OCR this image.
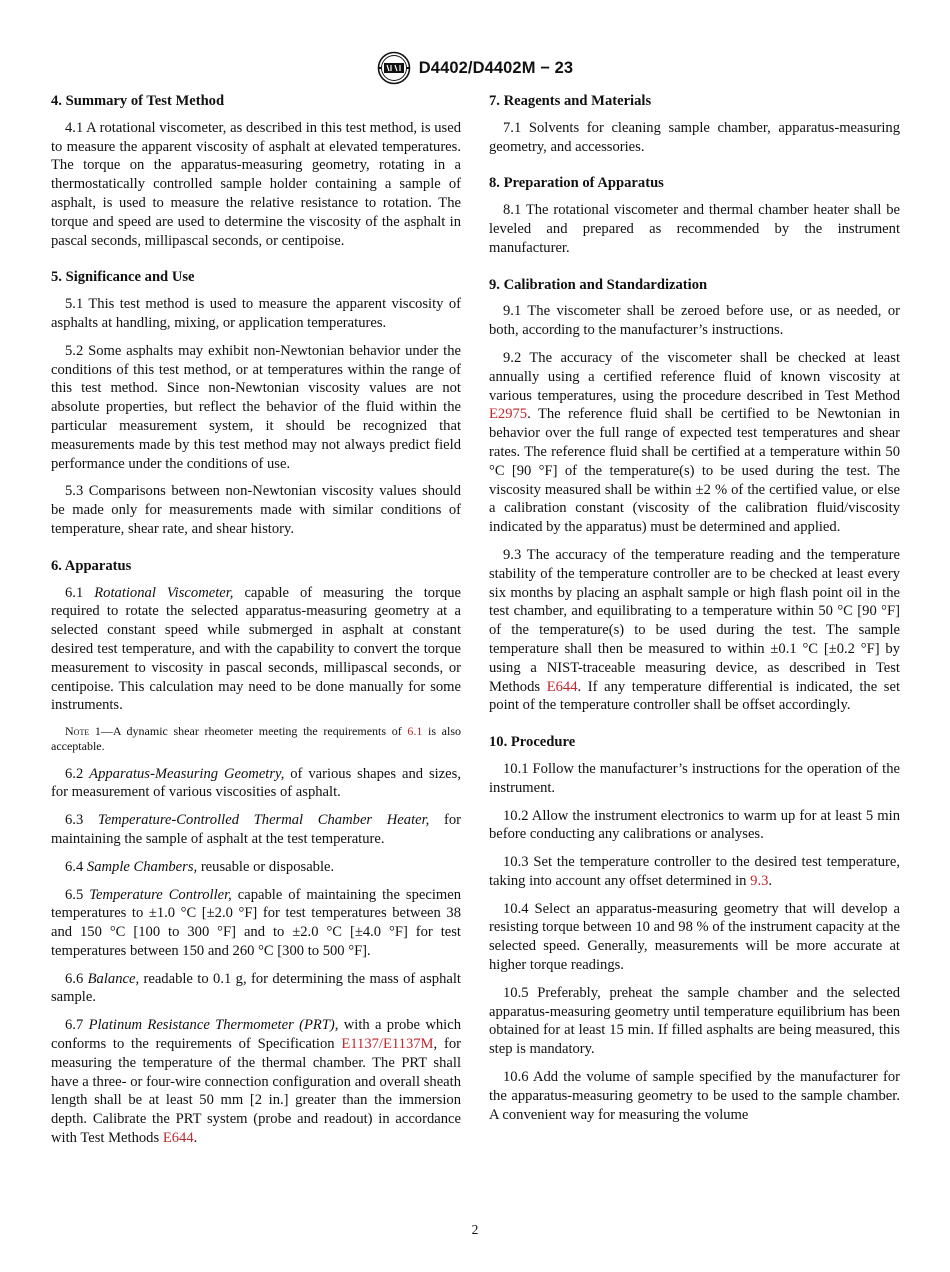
D4402/D4402M − 23
4. Summary of Test Method

4.1 A rotational viscometer, as described in this test method, is used to measure the apparent viscosity of asphalt at elevated temperatures. The torque on the apparatus-measuring geometry, rotating in a thermostatically controlled sample holder containing a sample of asphalt, is used to measure the relative resistance to rotation. The torque and speed are used to determine the viscosity of the asphalt in pascal seconds, millipascal seconds, or centipoise.

5. Significance and Use

5.1 This test method is used to measure the apparent viscosity of asphalts at handling, mixing, or application temperatures.

5.2 Some asphalts may exhibit non-Newtonian behavior under the conditions of this test method, or at temperatures within the range of this test method. Since non-Newtonian viscosity values are not absolute properties, but reflect the behavior of the fluid within the particular measurement system, it should be recognized that measurements made by this test method may not always predict field performance under the conditions of use.

5.3 Comparisons between non-Newtonian viscosity values should be made only for measurements made with similar conditions of temperature, shear rate, and shear history.

6. Apparatus

6.1 Rotational Viscometer, capable of measuring the torque required to rotate the selected apparatus-measuring geometry at a selected constant speed while submerged in asphalt at constant desired test temperature, and with the capability to convert the torque measurement to viscosity in pascal seconds, millipascal seconds, or centipoise. This calculation may need to be done manually for some instruments.

Note 1—A dynamic shear rheometer meeting the requirements of 6.1 is also acceptable.

6.2 Apparatus-Measuring Geometry, of various shapes and sizes, for measurement of various viscosities of asphalt.

6.3 Temperature-Controlled Thermal Chamber Heater, for maintaining the sample of asphalt at the test temperature.

6.4 Sample Chambers, reusable or disposable.

6.5 Temperature Controller, capable of maintaining the specimen temperatures to ±1.0 °C [±2.0 °F] for test temperatures between 38 and 150 °C [100 to 300 °F] and to ±2.0 °C [±4.0 °F] for test temperatures between 150 and 260 °C [300 to 500 °F].

6.6 Balance, readable to 0.1 g, for determining the mass of asphalt sample.

6.7 Platinum Resistance Thermometer (PRT), with a probe which conforms to the requirements of Specification E1137/E1137M, for measuring the temperature of the thermal chamber. The PRT shall have a three- or four-wire connection configuration and overall sheath length shall be at least 50 mm [2 in.] greater than the immersion depth. Calibrate the PRT system (probe and readout) in accordance with Test Methods E644.

7. Reagents and Materials

7.1 Solvents for cleaning sample chamber, apparatus-measuring geometry, and accessories.

8. Preparation of Apparatus

8.1 The rotational viscometer and thermal chamber heater shall be leveled and prepared as recommended by the instrument manufacturer.

9. Calibration and Standardization

9.1 The viscometer shall be zeroed before use, or as needed, or both, according to the manufacturer’s instructions.

9.2 The accuracy of the viscometer shall be checked at least annually using a certified reference fluid of known viscosity at various temperatures, using the procedure described in Test Method E2975. The reference fluid shall be certified to be Newtonian in behavior over the full range of expected test temperatures and shear rates. The reference fluid shall be certified at a temperature within 50 °C [90 °F] of the temperature(s) to be used during the test. The viscosity measured shall be within ±2 % of the certified value, or else a calibration constant (viscosity of the calibration fluid/viscosity indicated by the apparatus) must be determined and applied.

9.3 The accuracy of the temperature reading and the temperature stability of the temperature controller are to be checked at least every six months by placing an asphalt sample or high flash point oil in the test chamber, and equilibrating to a temperature within 50 °C [90 °F] of the temperature(s) to be used during the test. The sample temperature shall then be measured to within ±0.1 °C [±0.2 °F] by using a NIST-traceable measuring device, as described in Test Methods E644. If any temperature differential is indicated, the set point of the temperature controller shall be offset accordingly.

10. Procedure

10.1 Follow the manufacturer’s instructions for the operation of the instrument.

10.2 Allow the instrument electronics to warm up for at least 5 min before conducting any calibrations or analyses.

10.3 Set the temperature controller to the desired test temperature, taking into account any offset determined in 9.3.

10.4 Select an apparatus-measuring geometry that will develop a resisting torque between 10 and 98 % of the instrument capacity at the selected speed. Generally, measurements will be more accurate at higher torque readings.

10.5 Preferably, preheat the sample chamber and the selected apparatus-measuring geometry until temperature equilibrium has been obtained for at least 15 min. If filled asphalts are being measured, this step is mandatory.

10.6 Add the volume of sample specified by the manufacturer for the apparatus-measuring geometry to be used to the sample chamber. A convenient way for measuring the volume

2
